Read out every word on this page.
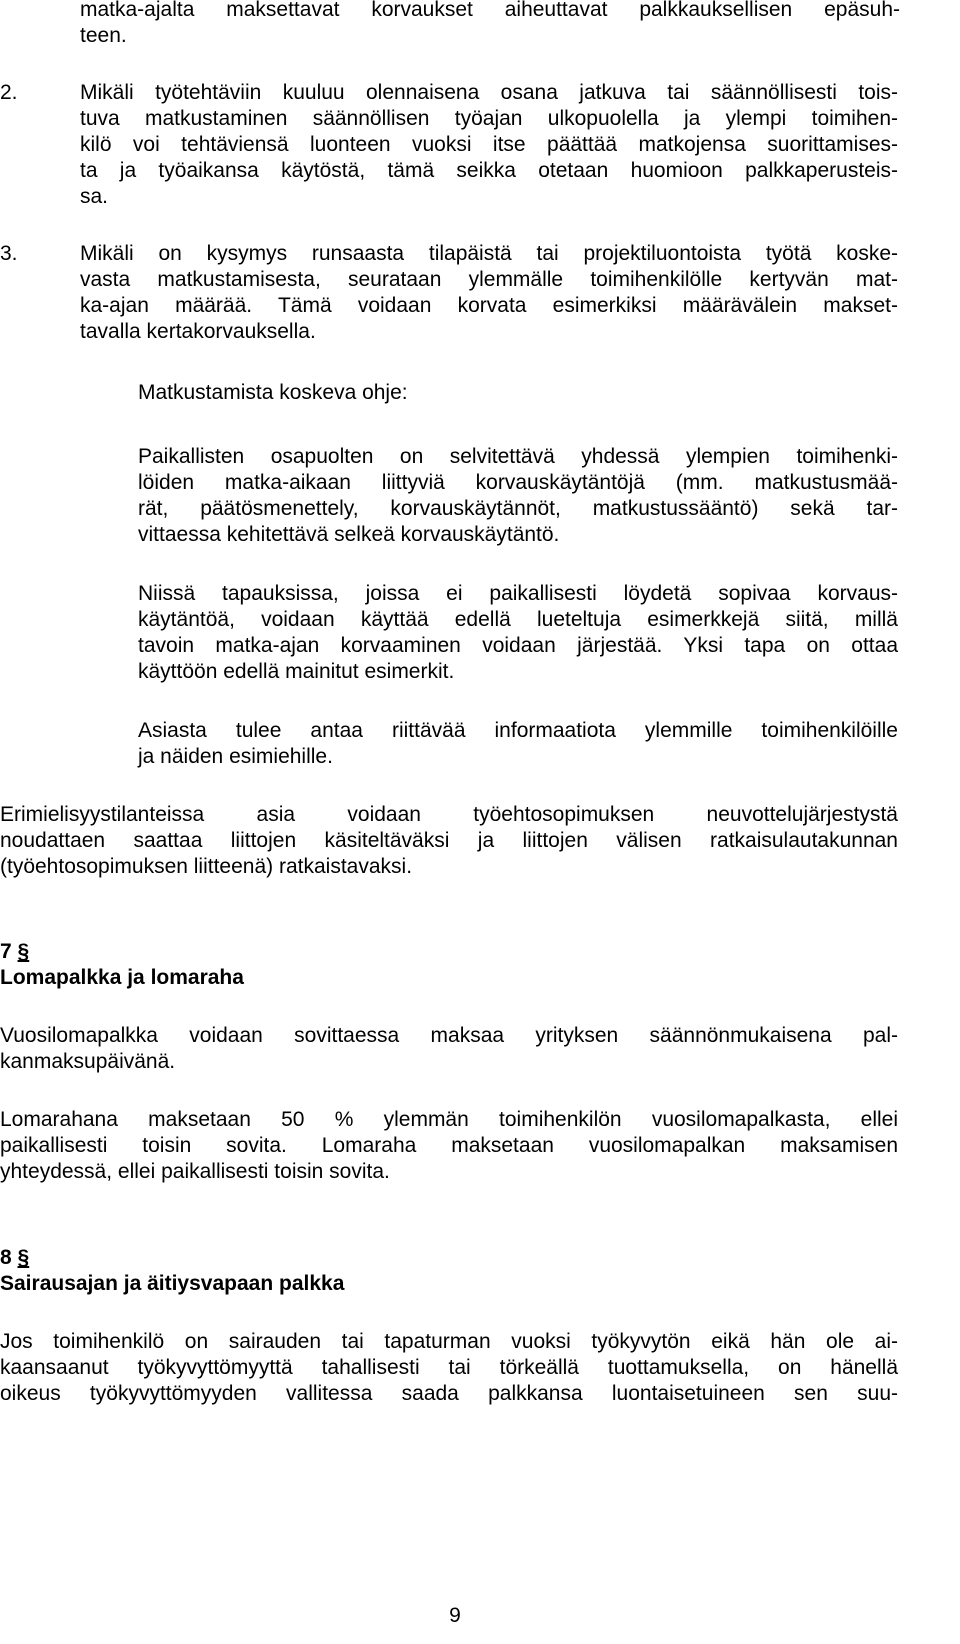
matka-ajalta maksettavat korvaukset aiheuttavat palkkauksellisen epäsuh-
teen.
2.	Mikäli työtehtäviin kuuluu olennaisena osana jatkuva tai säännöllisesti tois-
tuva matkustaminen säännöllisen työajan ulkopuolella ja ylempi toimihen-
kilö voi tehtäviensä luonteen vuoksi itse päättää matkojensa suorittamises-
ta ja työaikansa käytöstä, tämä seikka otetaan huomioon palkkaperusteis-
sa.
3.	Mikäli on kysymys runsaasta tilapäistä tai projektiluontoista työtä koske-
vasta matkustamisesta, seurataan ylemmälle toimihenkilölle kertyvän mat-
ka-ajan määrää. Tämä voidaan korvata esimerkiksi määrävälein makset-
tavalla kertakorvauksella.
Matkustamista koskeva ohje:
Paikallisten osapuolten on selvitettävä yhdessä ylempien toimihenki-
löiden matka-aikaan liittyviä korvauskäytäntöjä (mm. matkustusmää-
rät, päätösmenettely, korvauskäytännöt, matkustussääntö) sekä tar-
vittaessa kehitettävä selkeä korvauskäytäntö.
Niissä tapauksissa, joissa ei paikallisesti löydetä sopivaa korvaus-
käytäntöä, voidaan käyttää edellä lueteltuja esimerkkejä siitä, millä
tavoin matka-ajan korvaaminen voidaan järjestää. Yksi tapa on ottaa
käyttöön edellä mainitut esimerkit.
Asiasta tulee antaa riittävää informaatiota ylemmille toimihenkilöille
ja näiden esimiehille.
Erimielisyystilanteissa asia voidaan työehtosopimuksen neuvottelujärjestystä
noudattaen saattaa liittojen käsiteltäväksi ja liittojen välisen ratkaisulautakunnan
(työehtosopimuksen liitteenä) ratkaistavaksi.
7 §
Lomapalkka ja lomaraha
Vuosilomapalkka voidaan sovittaessa maksaa yrityksen säännönmukaisena pal-
kanmaksupäivänä.
Lomarahana maksetaan 50 % ylemmän toimihenkilön vuosilomapalkasta, ellei
paikallisesti toisin sovita. Lomaraha maksetaan vuosilomapalkan maksamisen
yhteydessä, ellei paikallisesti toisin sovita.
8 §
Sairausajan ja äitiysvapaan palkka
Jos toimihenkilö on sairauden tai tapaturman vuoksi työkyvytön eikä hän ole ai-
kaansaanut työkyvyttömyyttä tahallisesti tai törkeällä tuottamuksella, on hänellä
oikeus työkyvyttömyyden vallitessa saada palkkansa luontaisetuineen sen suu-
9
